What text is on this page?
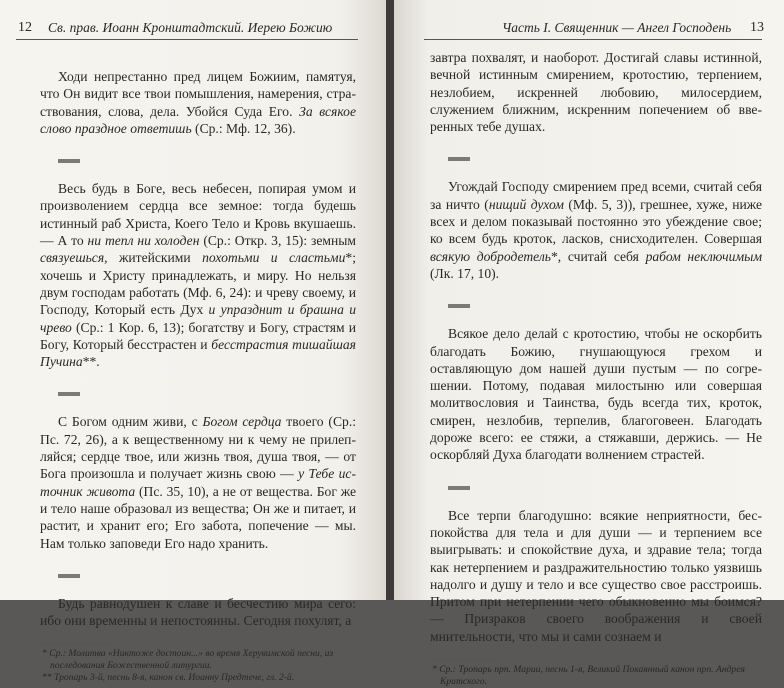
12 Св. прав. Иоанн Кронштадтский. Иерею Божию

Ходи непрестанно пред лицем Божиим, памятуя, что Он видит все твои помышления, намерения, страствования, слова, дела. Убойся Суда Его. За всякое слово праздное ответишь (Ср.: Мф. 12, 36).

Весь будь в Боге, весь небесен, попирая умом и произволением сердца все земное: тогда будешь истинный раб Христа, Коего Тело и Кровь вкушаешь. — А то ни тепл ни холоден (Ср.: Откр. 3, 15): земным связуешься, житейскими похотьми и сластьми*; хочешь и Христу принадлежать, и миру. Но нельзя двум господам работать (Мф. 6, 24): и чреву своему, и Господу, Который есть Дух и упразднит и брашна и чрево (Ср.: 1 Кор. 6, 13); богатству и Богу, страстям и Богу, Который бесстрастен и бесстрастия тишайшая Пучина**.

С Богом одним живи, с Богом сердца твоего (Ср.: Пс. 72, 26), а к вещественному ни к чему не прилепляйся; сердце твое, или жизнь твоя, душа твоя, — от Бога произошла и получает жизнь свою — у Тебе источник живота (Пс. 35, 10), а не от вещества. Бог же и тело наше образовал из вещества; Он же и питает, и растит, и хранит его; Его забота, попечение — мы. Нам только заповеди Его надо хранить.

Будь равнодушен к славе и бесчестию мира сего: ибо они временны и непостоянны. Сегодня похулят, а

* Ср.: Молитва «Никтоже достоин...» во время Херувимской песни, из последования Божественной литургии.

** Тропарь 3-й, песнь 8-я, канон св. Иоанну Предтече, гл. 2-й.

Часть I. Священник — Ангел Господень 13

завтра похвалят, и наоборот. Достигай славы истинной, вечной истинным смирением, кротостию, терпением, незлобием, искренней любовию, милосердием, служением ближним, искренним попечением об вверенных тебе душах.

Угождай Господу смирением пред всеми, считай себя за ничто (нищий духом (Мф. 5, 3)), грешнее, хуже, ниже всех и делом показывай постоянно это убеждение свое; ко всем будь кроток, ласков, снисходителен. Совершая всякую добродетель*, считай себя рабом неключимым (Лк. 17, 10).

Всякое дело делай с кротостию, чтобы не оскорбить благодать Божию, гнушающуюся грехом и оставляющую дом нашей души пустым — по согрешении. Потому, подавая милостыню или совершая молитвословия и Таинства, будь всегда тих, кроток, смирен, незлобив, терпелив, благоговеен. Благодать дороже всего: ее стяжи, а стяжавши, держись. — Не оскорбляй Духа благодати волнением страстей.

Все терпи благодушно: всякие неприятности, беспокойства для тела и для души — и терпением все выигрывать: и спокойствие духа, и здравие тела; тогда как нетерпением и раздражительностию только уязвишь надолго и душу и тело и все существо свое расстроишь. Притом при нетерпении чего обыкновенно мы боимся? — Призраков своего воображения и своей мнительности, что мы и сами сознаем и

* Ср.: Тропарь прп. Марии, песнь 1-я, Великий Покаянный канон прп. Андрея Критского.
